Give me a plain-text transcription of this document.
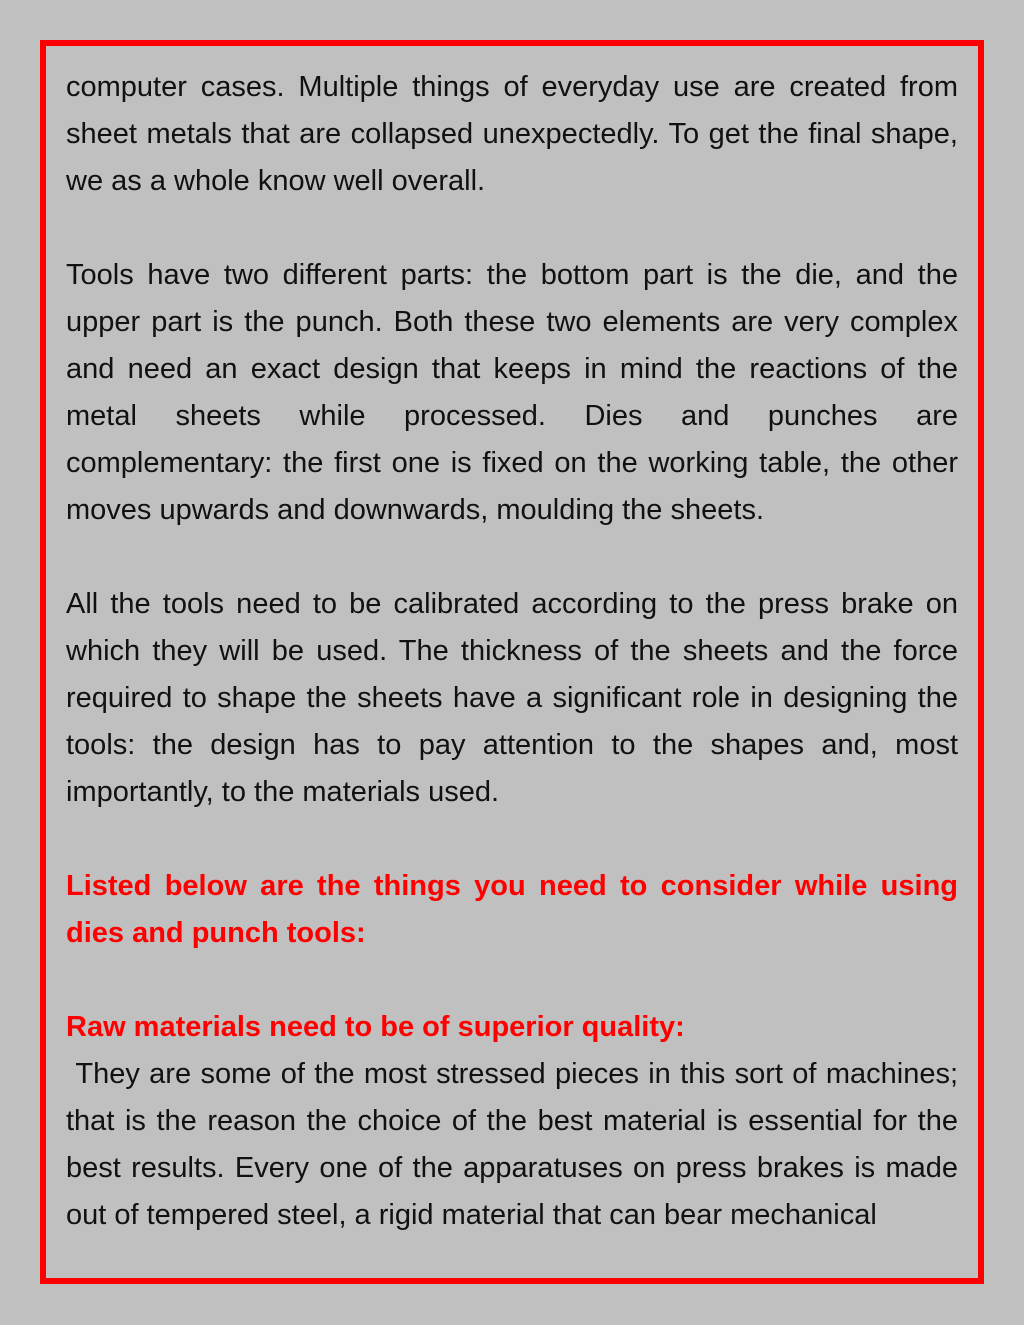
computer cases. Multiple things of everyday use are created from sheet metals that are collapsed unexpectedly. To get the final shape, we as a whole know well overall.

Tools have two different parts: the bottom part is the die, and the upper part is the punch. Both these two elements are very complex and need an exact design that keeps in mind the reactions of the metal sheets while processed. Dies and punches are complementary: the first one is fixed on the working table, the other moves upwards and downwards, moulding the sheets.

All the tools need to be calibrated according to the press brake on which they will be used. The thickness of the sheets and the force required to shape the sheets have a significant role in designing the tools: the design has to pay attention to the shapes and, most importantly, to the materials used.

Listed below are the things you need to consider while using dies and punch tools:

Raw materials need to be of superior quality:

They are some of the most stressed pieces in this sort of machines; that is the reason the choice of the best material is essential for the best results. Every one of the apparatuses on press brakes is made out of tempered steel, a rigid material that can bear mechanical
